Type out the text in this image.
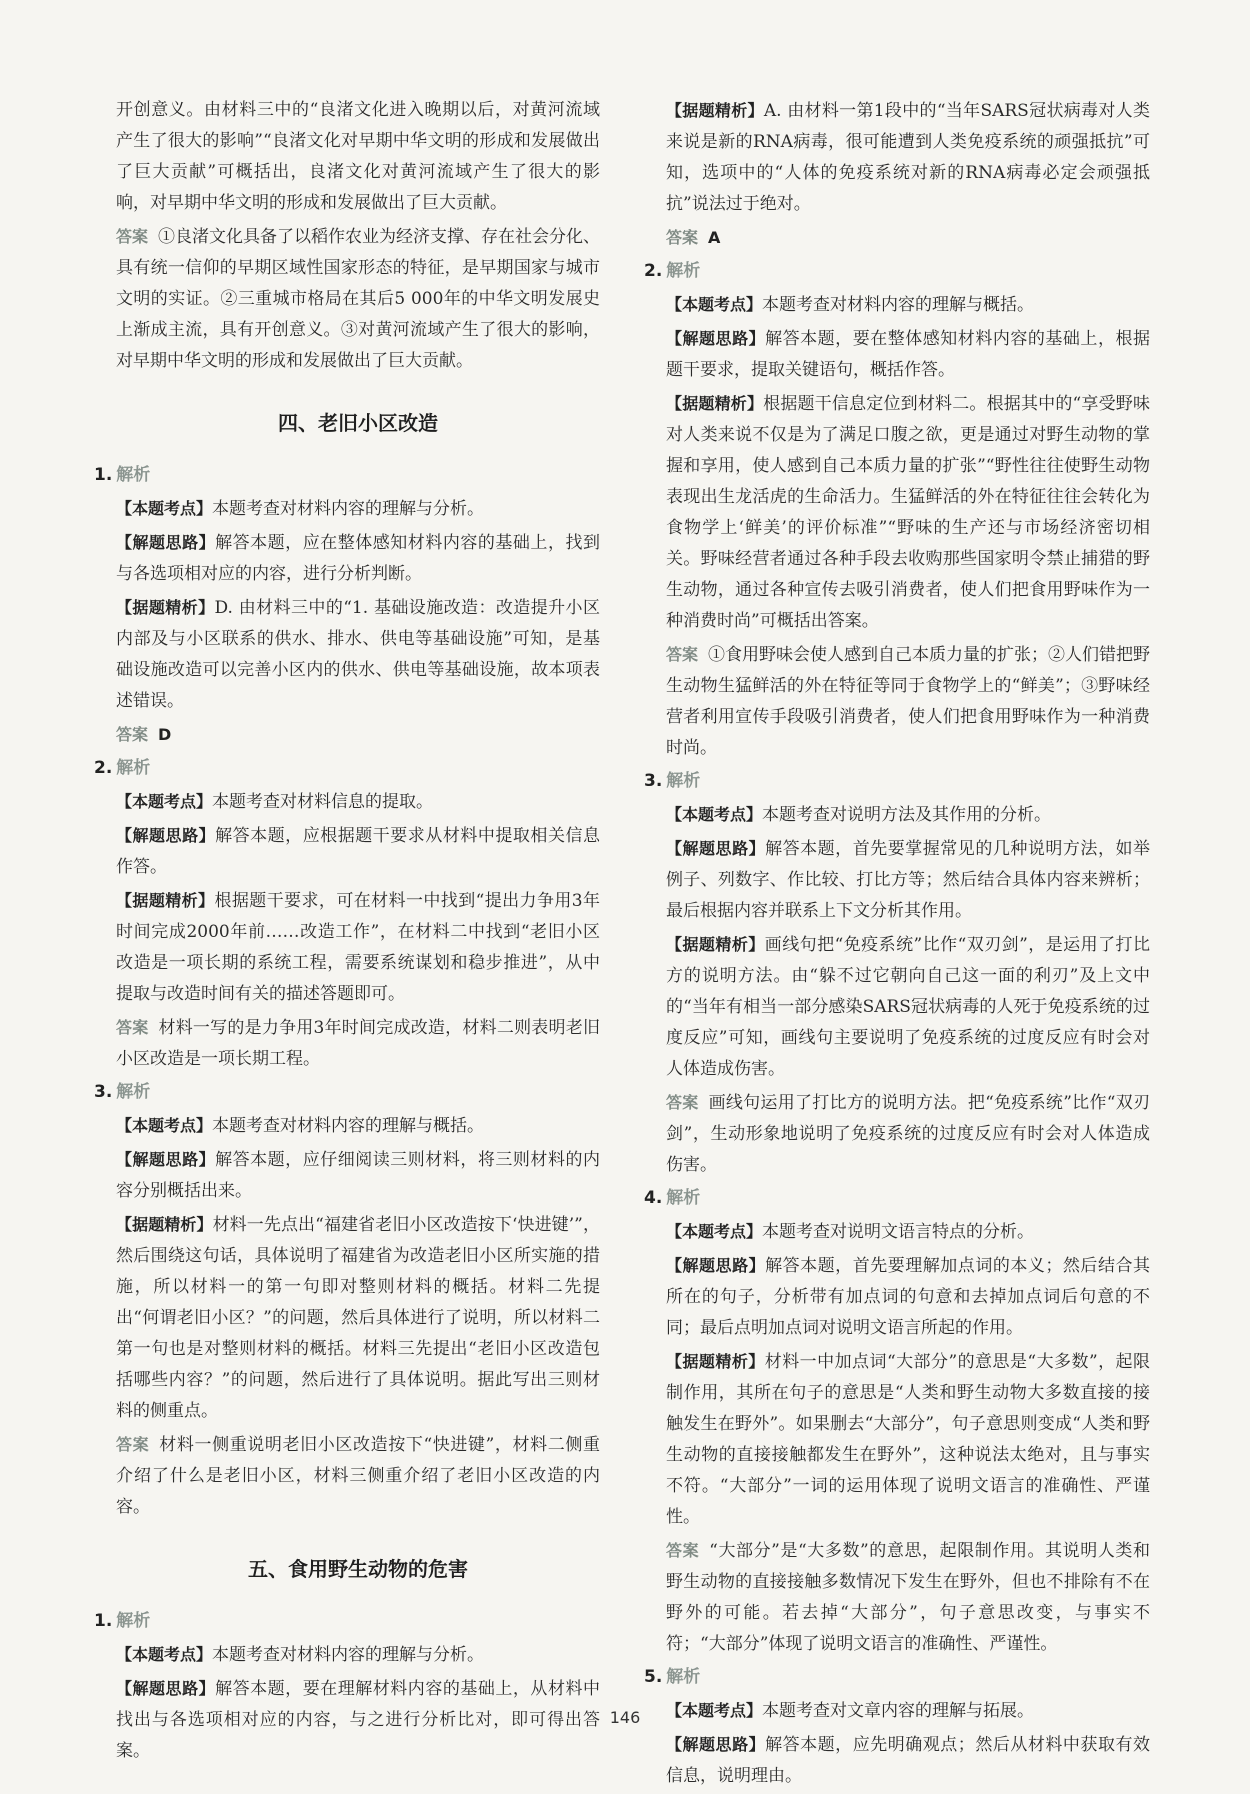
开创意义。由材料三中的“良渚文化进入晚期以后，对黄河流域产生了很大的影响”“良渚文化对早期中华文明的形成和发展做出了巨大贡献”可概括出，良渚文化对黄河流域产生了很大的影响，对早期中华文明的形成和发展做出了巨大贡献。

答案 ①良渚文化具备了以稻作农业为经济支撑、存在社会分化、具有统一信仰的早期区域性国家形态的特征，是早期国家与城市文明的实证。②三重城市格局在其后5 000年的中华文明发展史上渐成主流，具有开创意义。③对黄河流域产生了很大的影响，对早期中华文明的形成和发展做出了巨大贡献。

四、老旧小区改造
1. 解析

【本题考点】本题考查对材料内容的理解与分析。

【解题思路】解答本题，应在整体感知材料内容的基础上，找到与各选项相对应的内容，进行分析判断。

【据题精析】D. 由材料三中的“1. 基础设施改造：改造提升小区内部及与小区联系的供水、排水、供电等基础设施”可知，是基础设施改造可以完善小区内的供水、供电等基础设施，故本项表述错误。

答案 D

2. 解析

【本题考点】本题考查对材料信息的提取。

【解题思路】解答本题，应根据题干要求从材料中提取相关信息作答。

【据题精析】根据题干要求，可在材料一中找到“提出力争用3年时间完成2000年前……改造工作”，在材料二中找到“老旧小区改造是一项长期的系统工程，需要系统谋划和稳步推进”，从中提取与改造时间有关的描述答题即可。

答案 材料一写的是力争用3年时间完成改造，材料二则表明老旧小区改造是一项长期工程。

3. 解析

【本题考点】本题考查对材料内容的理解与概括。

【解题思路】解答本题，应仔细阅读三则材料，将三则材料的内容分别概括出来。

【据题精析】材料一先点出“福建省老旧小区改造按下‘快进键’”，然后围绕这句话，具体说明了福建省为改造老旧小区所实施的措施，所以材料一的第一句即对整则材料的概括。材料二先提出“何谓老旧小区？”的问题，然后具体进行了说明，所以材料二第一句也是对整则材料的概括。材料三先提出“老旧小区改造包括哪些内容？”的问题，然后进行了具体说明。据此写出三则材料的侧重点。

答案 材料一侧重说明老旧小区改造按下“快进键”，材料二侧重介绍了什么是老旧小区，材料三侧重介绍了老旧小区改造的内容。

五、食用野生动物的危害
1. 解析

【本题考点】本题考查对材料内容的理解与分析。

【解题思路】解答本题，要在理解材料内容的基础上，从材料中找出与各选项相对应的内容，与之进行分析比对，即可得出答案。

【据题精析】A. 由材料一第1段中的“当年SARS冠状病毒对人类来说是新的RNA病毒，很可能遭到人类免疫系统的顽强抵抗”可知，选项中的“人体的免疫系统对新的RNA病毒必定会顽强抵抗”说法过于绝对。

答案 A

2. 解析

【本题考点】本题考查对材料内容的理解与概括。

【解题思路】解答本题，要在整体感知材料内容的基础上，根据题干要求，提取关键语句，概括作答。

【据题精析】根据题干信息定位到材料二。根据其中的“享受野味对人类来说不仅是为了满足口腹之欲，更是通过对野生动物的掌握和享用，使人感到自己本质力量的扩张”“野性往往使野生动物表现出生龙活虎的生命活力。生猛鲜活的外在特征往往会转化为食物学上‘鲜美’的评价标准”“野味的生产还与市场经济密切相关。野味经营者通过各种手段去收购那些国家明令禁止捕猎的野生动物，通过各种宣传去吸引消费者，使人们把食用野味作为一种消费时尚”可概括出答案。

答案 ①食用野味会使人感到自己本质力量的扩张；②人们错把野生动物生猛鲜活的外在特征等同于食物学上的“鲜美”；③野味经营者利用宣传手段吸引消费者，使人们把食用野味作为一种消费时尚。

3. 解析

【本题考点】本题考查对说明方法及其作用的分析。

【解题思路】解答本题，首先要掌握常见的几种说明方法，如举例子、列数字、作比较、打比方等；然后结合具体内容来辨析；最后根据内容并联系上下文分析其作用。

【据题精析】画线句把“免疫系统”比作“双刃剑”，是运用了打比方的说明方法。由“躲不过它朝向自己这一面的利刃”及上文中的“当年有相当一部分感染SARS冠状病毒的人死于免疫系统的过度反应”可知，画线句主要说明了免疫系统的过度反应有时会对人体造成伤害。

答案 画线句运用了打比方的说明方法。把“免疫系统”比作“双刃剑”，生动形象地说明了免疫系统的过度反应有时会对人体造成伤害。

4. 解析

【本题考点】本题考查对说明文语言特点的分析。

【解题思路】解答本题，首先要理解加点词的本义；然后结合其所在的句子，分析带有加点词的句意和去掉加点词后句意的不同；最后点明加点词对说明文语言所起的作用。

【据题精析】材料一中加点词“大部分”的意思是“大多数”，起限制作用，其所在句子的意思是“人类和野生动物大多数直接的接触发生在野外”。如果删去“大部分”，句子意思则变成“人类和野生动物的直接接触都发生在野外”，这种说法太绝对，且与事实不符。“大部分”一词的运用体现了说明文语言的准确性、严谨性。

答案 “大部分”是“大多数”的意思，起限制作用。其说明人类和野生动物的直接接触多数情况下发生在野外，但也不排除有不在野外的可能。若去掉“大部分”，句子意思改变，与事实不符；“大部分”体现了说明文语言的准确性、严谨性。

5. 解析

【本题考点】本题考查对文章内容的理解与拓展。

【解题思路】解答本题，应先明确观点；然后从材料中获取有效信息，说明理由。

146
